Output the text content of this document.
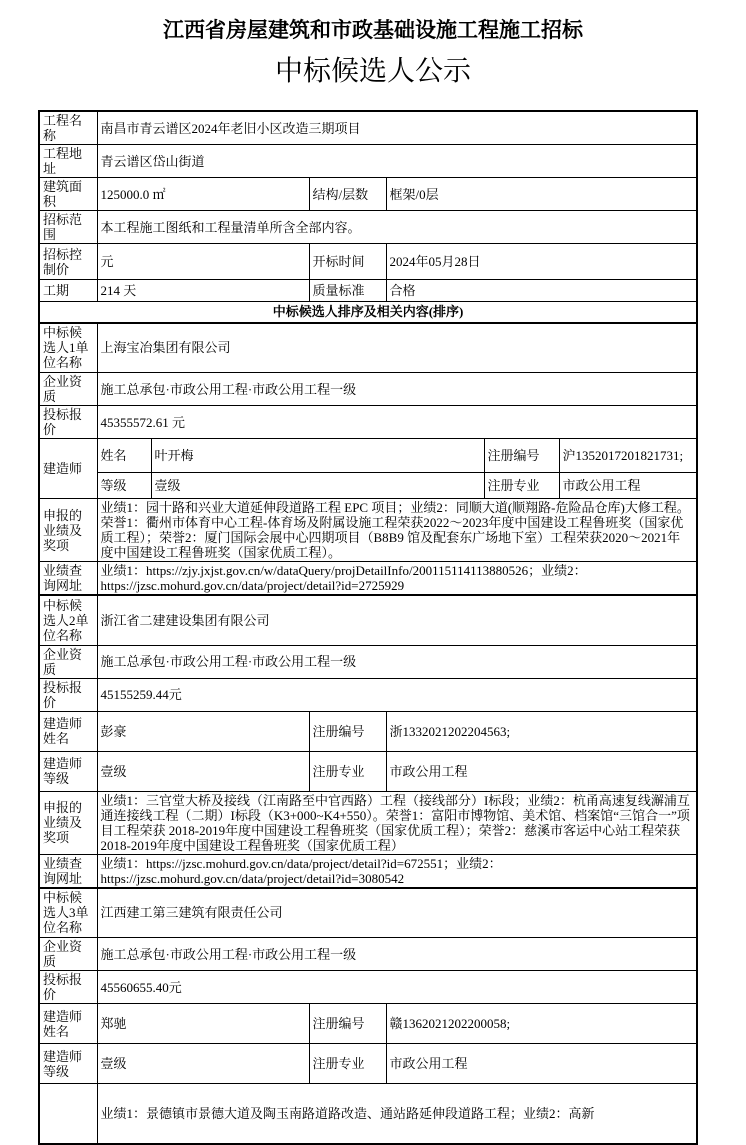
江西省房屋建筑和市政基础设施工程施工招标
中标候选人公示
工程名称	南昌市青云谱区2024年老旧小区改造三期项目					
工程地址	青云谱区岱山街道					
建筑面积	125000.0 ㎡		结构/层数	框架/0层		
招标范围	本工程施工图纸和工程量清单所含全部内容。					
招标控制价	元		开标时间	2024年05月28日		
工期	214 天		质量标准	合格		
中标候选人排序及相关内容(排序)						
中标候选人1单位名称	上海宝冶集团有限公司					
企业资质	施工总承包·市政公用工程·市政公用工程一级					
投标报价	45355572.61 元					
建造师	姓名	叶开梅			注册编号	沪1352017201821731;
	等级	壹级			注册专业	市政公用工程
申报的业绩及奖项	业绩1：园十路和兴业大道延伸段道路工程 EPC 项目；业绩2：同顺大道(顺翔路-危险品仓库)大修工程。荣誉1：衢州市体育中心工程-体育场及附属设施工程荣获2022～2023年度中国建设工程鲁班奖（国家优质工程）；荣誉2：厦门国际会展中心四期项目（B8B9 馆及配套东广场地下室）工程荣获2020～2021年度中国建设工程鲁班奖（国家优质工程）。					
业绩查询网址	业绩1：https://zjy.jxjst.gov.cn/w/dataQuery/projDetailInfo/200115114113880526；业绩2：https://jzsc.mohurd.gov.cn/data/project/detail?id=2725929					
中标候选人2单位名称	浙江省二建建设集团有限公司					
企业资质	施工总承包·市政公用工程·市政公用工程一级					
投标报价	45155259.44元					
建造师姓名	彭豪		注册编号	浙1332021202204563;		
建造师等级	壹级		注册专业	市政公用工程		
申报的业绩及奖项	业绩1：三官堂大桥及接线（江南路至中官西路）工程（接线部分）I标段；业绩2：杭甬高速复线澥浦互通连接线工程（二期）I标段（K3+000~K4+550）。荣誉1：富阳市博物馆、美术馆、档案馆“三馆合一”项目工程荣获 2018-2019年度中国建设工程鲁班奖（国家优质工程）；荣誉2：慈溪市客运中心站工程荣获2018-2019年度中国建设工程鲁班奖（国家优质工程）					
业绩查询网址	业绩1：https://jzsc.mohurd.gov.cn/data/project/detail?id=672551；业绩2：https://jzsc.mohurd.gov.cn/data/project/detail?id=3080542					
中标候选人3单位名称	江西建工第三建筑有限责任公司					
企业资质	施工总承包·市政公用工程·市政公用工程一级					
投标报价	45560655.40元					
建造师姓名	郑驰		注册编号	赣1362021202200058;		
建造师等级	壹级		注册专业	市政公用工程		
	业绩1：景德镇市景德大道及陶玉南路道路改造、通站路延伸段道路工程；业绩2：高新					
